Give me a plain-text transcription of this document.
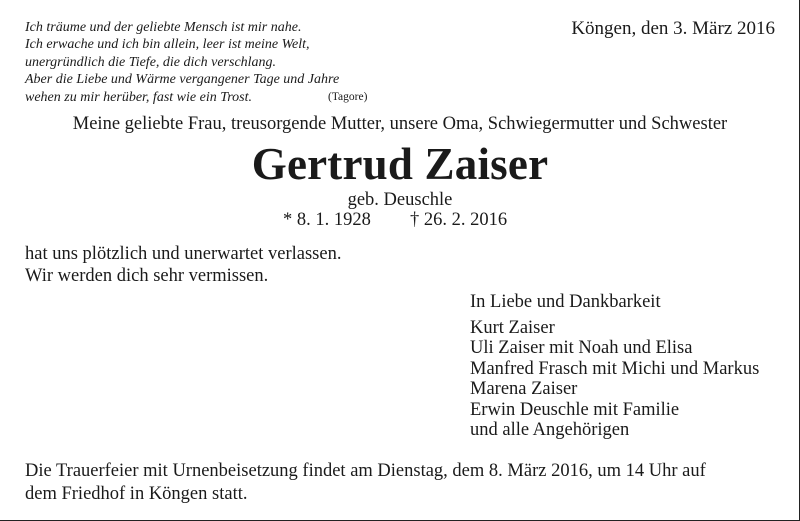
Ich träume und der geliebte Mensch ist mir nahe.
Ich erwache und ich bin allein, leer ist meine Welt,
unergründlich die Tiefe, die dich verschlang.
Aber die Liebe und Wärme vergangener Tage und Jahre
wehen zu mir herüber, fast wie ein Trost.	(Tagore)
Köngen, den 3. März 2016
Meine geliebte Frau, treusorgende Mutter, unsere Oma, Schwiegermutter und Schwester
Gertrud Zaiser
geb. Deuschle
* 8. 1. 1928 † 26. 2. 2016
hat uns plötzlich und unerwartet verlassen.
Wir werden dich sehr vermissen.
In Liebe und Dankbarkeit
Kurt Zaiser
Uli Zaiser mit Noah und Elisa
Manfred Frasch mit Michi und Markus
Marena Zaiser
Erwin Deuschle mit Familie
und alle Angehörigen
Die Trauerfeier mit Urnenbeisetzung findet am Dienstag, dem 8. März 2016, um 14 Uhr auf
dem Friedhof in Köngen statt.
